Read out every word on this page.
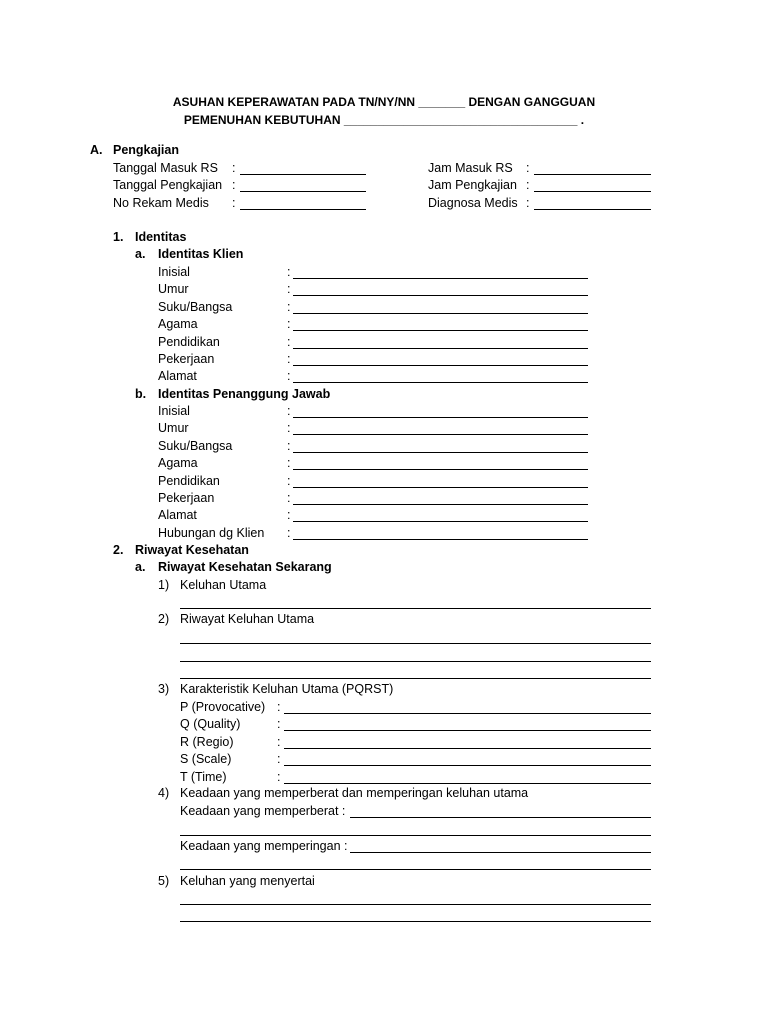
ASUHAN KEPERAWATAN PADA TN/NY/NN _______ DENGAN GANGGUAN
PEMENUHAN KEBUTUHAN ___________________________________ .
A. Pengkajian
Tanggal Masuk RS :
Tanggal Pengkajian :
No Rekam Medis :
Jam Masuk RS :
Jam Pengkajian :
Diagnosa Medis :
1. Identitas
a. Identitas Klien
Inisial	:
Umur	:
Suku/Bangsa	:
Agama	:
Pendidikan	:
Pekerjaan	:
Alamat	:
b. Identitas Penanggung Jawab
Inisial	:
Umur	:
Suku/Bangsa	:
Agama	:
Pendidikan	:
Pekerjaan	:
Alamat	:
Hubungan dg Klien :
2. Riwayat Kesehatan
a. Riwayat Kesehatan Sekarang
1) Keluhan Utama
2) Riwayat Keluhan Utama
3) Karakteristik Keluhan Utama (PQRST)
P (Provocative) :
Q (Quality)	:
R (Regio)	:
S (Scale)	:
T (Time)	:
4) Keadaan yang memperberat dan memperingan keluhan utama
Keadaan yang memperberat :
Keadaan yang memperingan :
5) Keluhan yang menyertai
